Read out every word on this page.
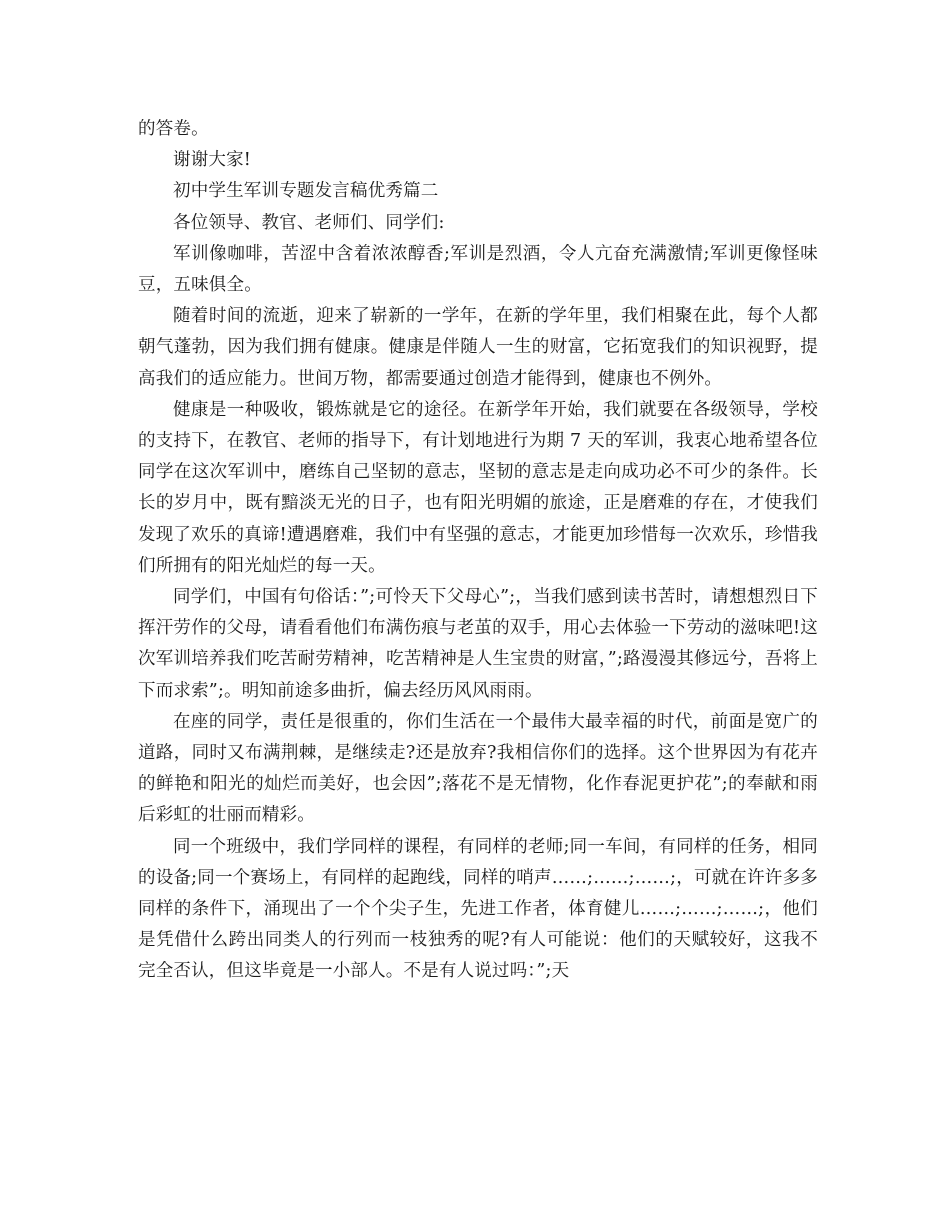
的答卷。

谢谢大家!

初中学生军训专题发言稿优秀篇二

各位领导、教官、老师们、同学们:

军训像咖啡，苦涩中含着浓浓醇香;军训是烈酒，令人亢奋充满激情;军训更像怪味豆，五味俱全。

随着时间的流逝，迎来了崭新的一学年，在新的学年里，我们相聚在此，每个人都朝气蓬勃，因为我们拥有健康。健康是伴随人一生的财富，它拓宽我们的知识视野，提高我们的适应能力。世间万物，都需要通过创造才能得到，健康也不例外。

健康是一种吸收，锻炼就是它的途径。在新学年开始，我们就要在各级领导，学校的支持下，在教官、老师的指导下，有计划地进行为期 7 天的军训，我衷心地希望各位同学在这次军训中，磨练自己坚韧的意志，坚韧的意志是走向成功必不可少的条件。长长的岁月中，既有黯淡无光的日子，也有阳光明媚的旅途，正是磨难的存在，才使我们发现了欢乐的真谛!遭遇磨难，我们中有坚强的意志，才能更加珍惜每一次欢乐，珍惜我们所拥有的阳光灿烂的每一天。

同学们，中国有句俗话：”;可怜天下父母心”;，当我们感到读书苦时，请想想烈日下挥汗劳作的父母，请看看他们布满伤痕与老茧的双手，用心去体验一下劳动的滋味吧!这次军训培养我们吃苦耐劳精神，吃苦精神是人生宝贵的财富，”;路漫漫其修远兮，吾将上下而求索”;。明知前途多曲折，偏去经历风风雨雨。

在座的同学，责任是很重的，你们生活在一个最伟大最幸福的时代，前面是宽广的道路，同时又布满荆棘，是继续走?还是放弃?我相信你们的选择。这个世界因为有花卉的鲜艳和阳光的灿烂而美好，也会因”;落花不是无情物，化作春泥更护花”;的奉献和雨后彩虹的壮丽而精彩。

同一个班级中，我们学同样的课程，有同样的老师;同一车间，有同样的任务，相同的设备;同一个赛场上，有同样的起跑线，同样的哨声……;……;……;，可就在许许多多同样的条件下，涌现出了一个个尖子生，先进工作者，体育健儿……;……;……;，他们是凭借什么跨出同类人的行列而一枝独秀的呢?有人可能说：他们的天赋较好，这我不完全否认，但这毕竟是一小部人。不是有人说过吗：”;天
